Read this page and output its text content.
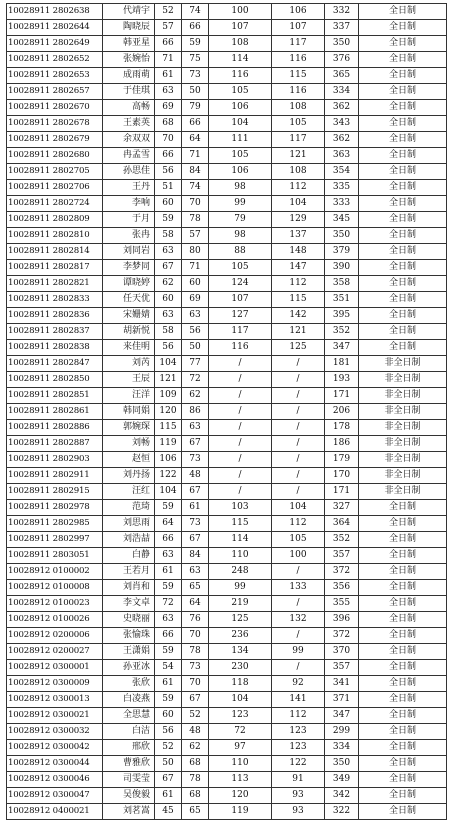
10028911 2802638	代靖宇	52	74	100	106	332	全日制
10028911 2802644	陶晓辰	57	66	107	107	337	全日制
10028911 2802649	韩亚星	66	59	108	117	350	全日制
10028911 2802652	张婉怡	71	75	114	116	376	全日制
10028911 2802653	成雨萌	61	73	116	115	365	全日制
10028911 2802657	于佳琪	63	50	105	116	334	全日制
10028911 2802670	高畅	69	79	106	108	362	全日制
10028911 2802678	王素英	68	66	104	105	343	全日制
10028911 2802679	余双双	70	64	111	117	362	全日制
10028911 2802680	冉孟雪	66	71	105	121	363	全日制
10028911 2802705	孙思佳	56	84	106	108	354	全日制
10028911 2802706	王丹	51	74	98	112	335	全日制
10028911 2802724	李响	60	70	99	104	333	全日制
10028911 2802809	于月	59	78	79	129	345	全日制
10028911 2802810	张冉	58	57	98	137	350	全日制
10028911 2802814	刘同岩	63	80	88	148	379	全日制
10028911 2802817	李梦同	67	71	105	147	390	全日制
10028911 2802821	谭晓婷	62	60	124	112	358	全日制
10028911 2802833	任天优	60	69	107	115	351	全日制
10028911 2802836	宋姗婧	63	63	127	142	395	全日制
10028911 2802837	胡新悦	58	56	117	121	352	全日制
10028911 2802838	来佳明	56	50	116	125	347	全日制
10028911 2802847	刘芮	104	77	/	/	181	非全日制
10028911 2802850	王辰	121	72	/	/	193	非全日制
10028911 2802851	汪洋	109	62	/	/	171	非全日制
10028911 2802861	韩同娟	120	86	/	/	206	非全日制
10028911 2802886	郭婉琛	115	63	/	/	178	非全日制
10028911 2802887	刘畅	119	67	/	/	186	非全日制
10028911 2802903	赵恒	106	73	/	/	179	非全日制
10028911 2802911	刘丹扬	122	48	/	/	170	非全日制
10028911 2802915	汪红	104	67	/	/	171	非全日制
10028911 2802978	范琦	59	61	103	104	327	全日制
10028911 2802985	刘思雨	64	73	115	112	364	全日制
10028911 2802997	刘浩喆	66	67	114	105	352	全日制
10028911 2803051	白静	63	84	110	100	357	全日制
10028912 0100002	王若月	61	63	248	/	372	全日制
10028912 0100008	刘肖和	59	65	99	133	356	全日制
10028912 0100023	李文卓	72	64	219	/	355	全日制
10028912 0100026	史晓丽	63	76	125	132	396	全日制
10028912 0200006	张愉珠	66	70	236	/	372	全日制
10028912 0200027	王潇娟	59	78	134	99	370	全日制
10028912 0300001	孙亚冰	54	73	230	/	357	全日制
10028912 0300009	张欣	61	70	118	92	341	全日制
10028912 0300013	白凌燕	59	67	104	141	371	全日制
10028912 0300021	全思慧	60	52	123	112	347	全日制
10028912 0300032	白洁	56	48	72	123	299	全日制
10028912 0300042	邢欣	52	62	97	123	334	全日制
10028912 0300044	曹雅欣	50	68	110	122	350	全日制
10028912 0300046	司雯莹	67	78	113	91	349	全日制
10028912 0300047	吴俊毅	61	68	120	93	342	全日制
10028912 0400021	刘茗嵩	45	65	119	93	322	全日制
